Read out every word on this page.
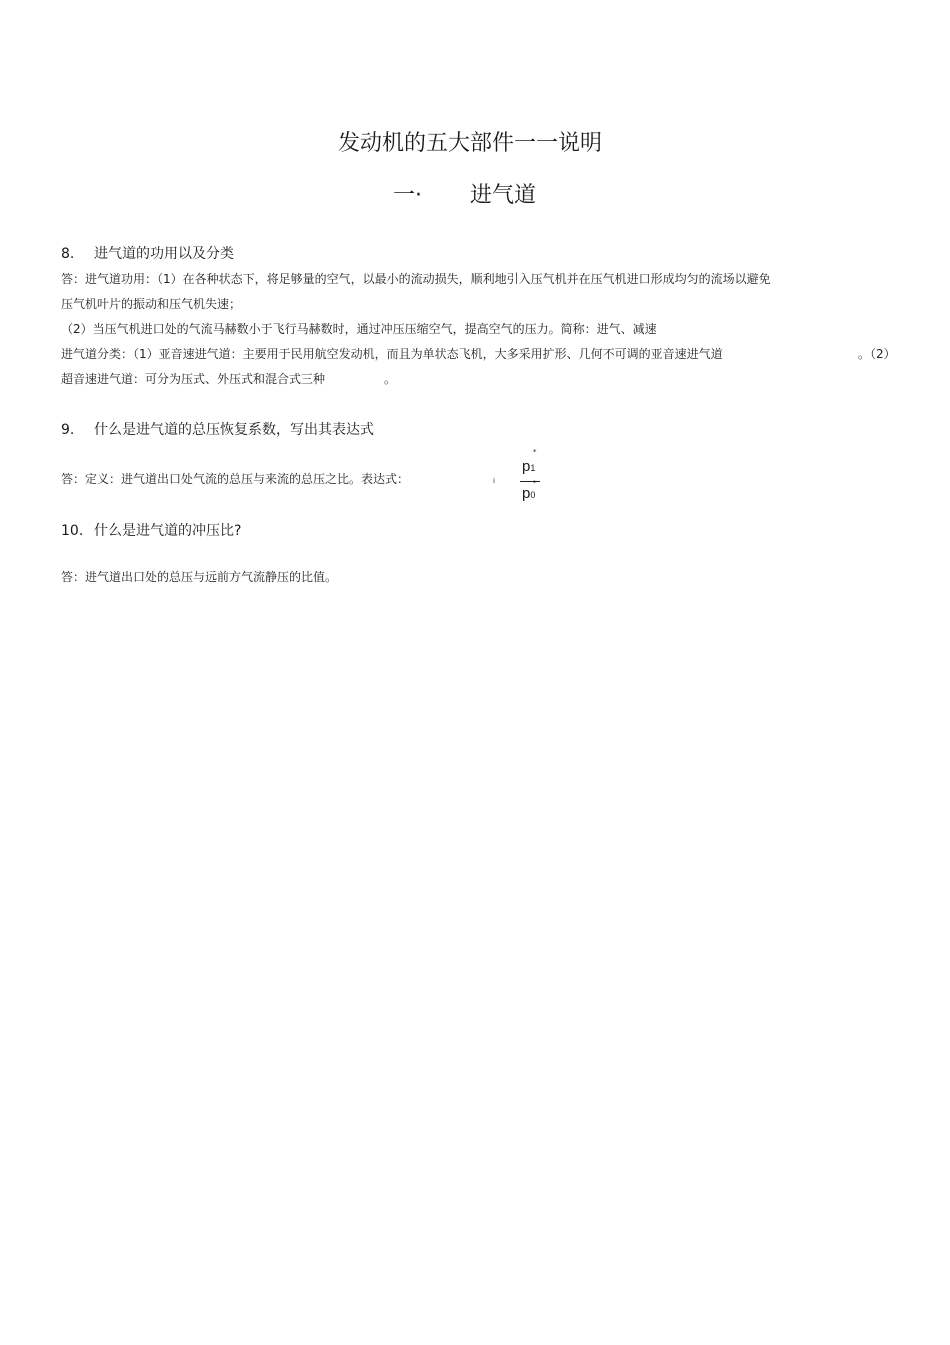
发动机的五大部件一一说明
一· 进气道
8. 进气道的功用以及分类
答：进气道功用：（1）在各种状态下，将足够量的空气，以最小的流动损失，顺利地引入压气机并在压气机进口形成均匀的流场以避免
压气机叶片的振动和压气机失速；
（2）当压气机进口处的气流马赫数小于飞行马赫数时，通过冲压压缩空气，提高空气的压力。简称：进气、减速
进气道分类：（1）亚音速进气道：主要用于民用航空发动机，而且为单状态飞机，大多采用扩形、几何不可调的亚音速进气道	。（2）
超音速进气道：可分为压式、外压式和混合式三种	。
9. 什么是进气道的总压恢复系数，写出其表达式
答：定义：进气道出口处气流的总压与来流的总压之比。表达式：	i
*
p1
*
p0
10. 什么是进气道的冲压比?
答：进气道出口处的总压与远前方气流静压的比值。
